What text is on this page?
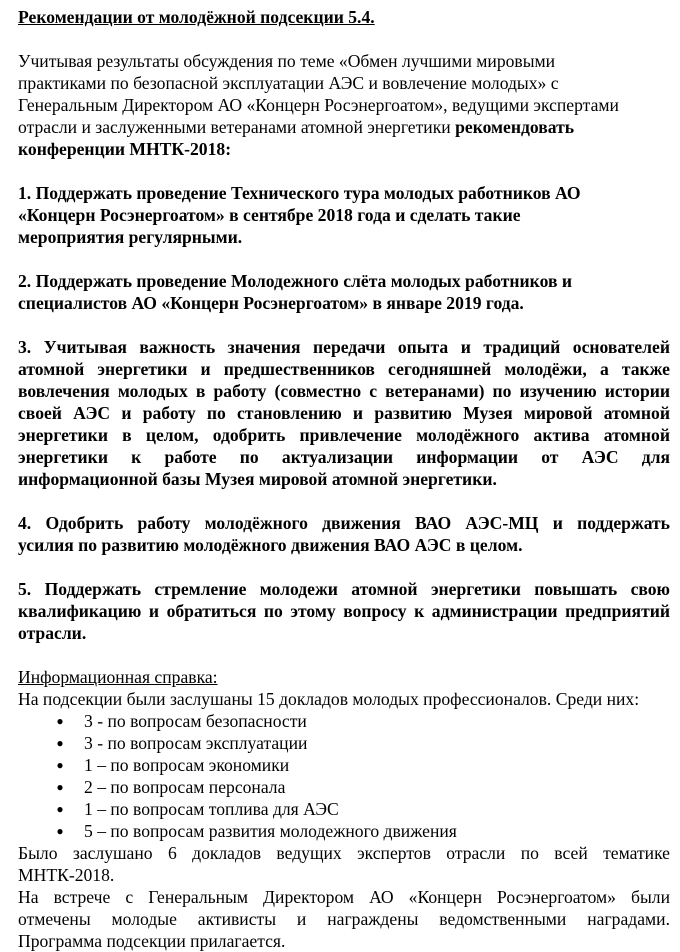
Рекомендации от молодёжной подсекции 5.4.

Учитывая результаты обсуждения по теме «Обмен лучшими мировыми
практиками по безопасной эксплуатации АЭС и вовлечение молодых» с
Генеральным Директором АО «Концерн Росэнергоатом», ведущими экспертами
отрасли и заслуженными ветеранами атомной энергетики рекомендовать
конференции МНТК-2018:
1. Поддержать проведение Технического тура молодых работников АО
«Концерн Росэнергоатом» в сентябре 2018 года и сделать такие
мероприятия регулярными.
2. Поддержать проведение Молодежного слёта молодых работников и
специалистов АО «Концерн Росэнергоатом» в январе 2019 года.
3. Учитывая важность значения передачи опыта и традиций основателей
атомной энергетики и предшественников сегодняшней молодёжи, а также
вовлечения молодых в работу (совместно с ветеранами) по изучению истории
своей АЭС и работу по становлению и развитию Музея мировой атомной
энергетики в целом, одобрить привлечение молодёжного актива атомной
энергетики к работе по актуализации информации от АЭС для
информационной базы Музея мировой атомной энергетики.
4. Одобрить работу молодёжного движения ВАО АЭС-МЦ и поддержать
усилия по развитию молодёжного движения ВАО АЭС в целом.
5. Поддержать стремление молодежи атомной энергетики повышать свою
квалификацию и обратиться по этому вопросу к администрации предприятий
отрасли.

Информационная справка:

На подсекции были заслушаны 15 докладов молодых профессионалов. Среди них:

●	3 - по вопросам безопасности
●	3 - по вопросам эксплуатации
●	1 – по вопросам экономики
●	2 – по вопросам персонала
●	1 – по вопросам топлива для АЭС
●	5 – по вопросам развития молодежного движения
Было заслушано 6 докладов ведущих экспертов отрасли по всей тематике
МНТК-2018.
На встрече с Генеральным Директором АО «Концерн Росэнергоатом» были
отмечены молодые активисты и награждены ведомственными наградами.
Программа подсекции прилагается.
